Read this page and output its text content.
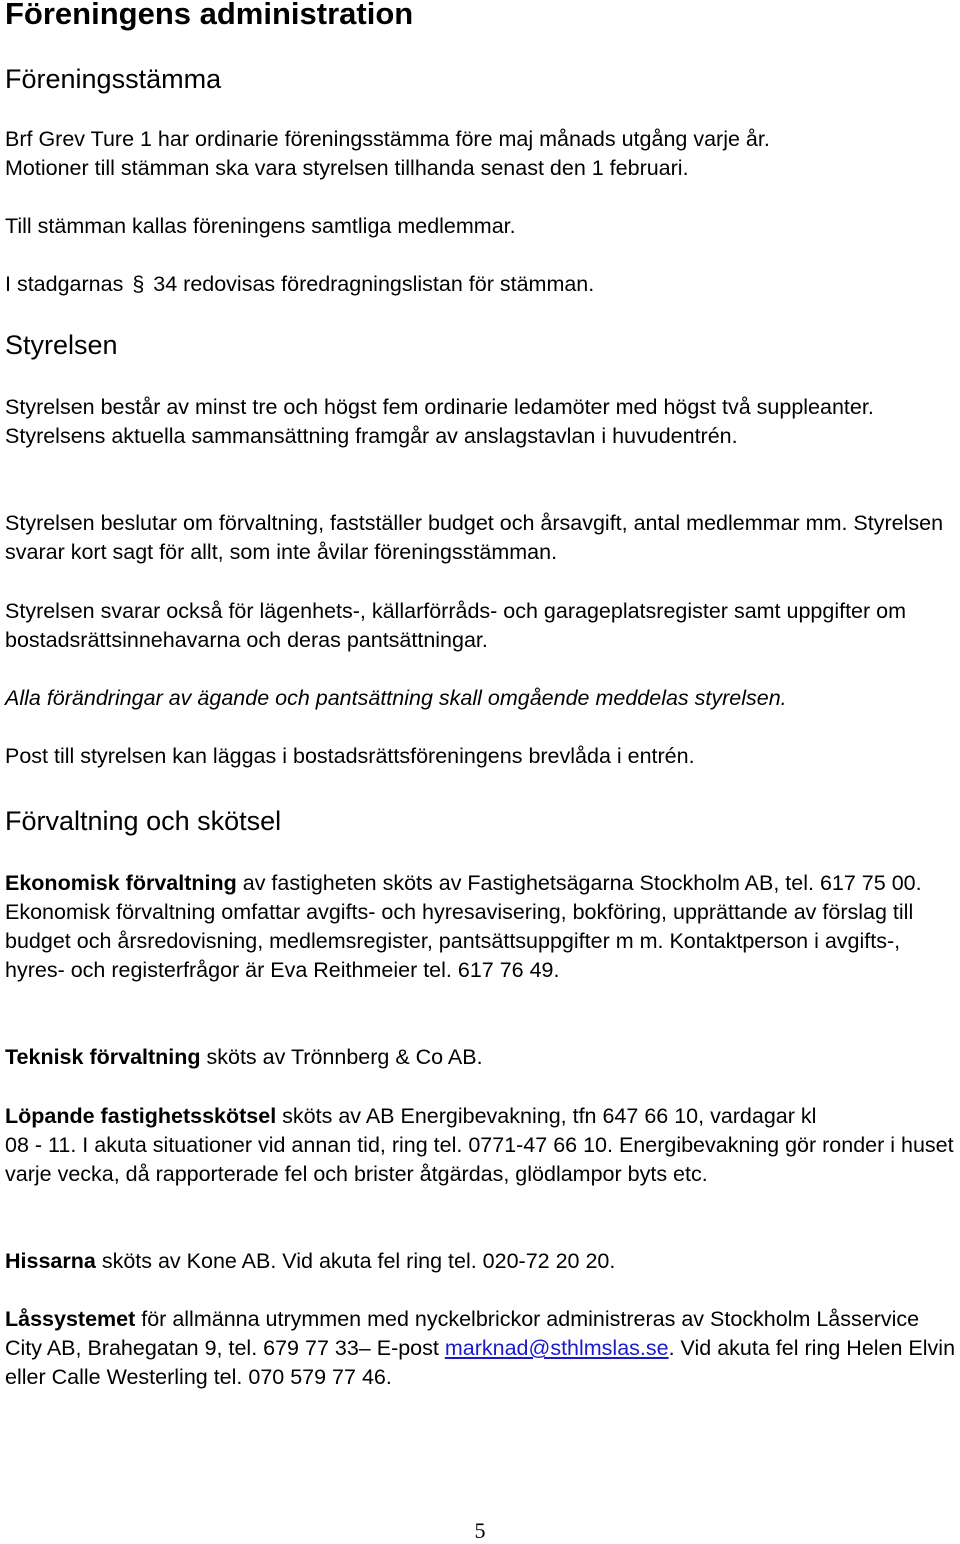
Föreningens administration
Föreningsstämma
Brf Grev Ture 1 har ordinarie föreningsstämma före maj månads utgång varje år.
Motioner till stämman ska vara styrelsen tillhanda senast den 1 februari.
Till stämman kallas föreningens samtliga medlemmar.
I stadgarnas § 34 redovisas föredragningslistan för stämman.
Styrelsen
Styrelsen består av minst tre och högst fem ordinarie ledamöter med högst två suppleanter. Styrelsens aktuella sammansättning framgår av anslagstavlan i huvudentrén.
Styrelsen beslutar om förvaltning, fastställer budget och årsavgift, antal medlemmar mm. Styrelsen svarar kort sagt för allt, som inte åvilar föreningsstämman.
Styrelsen svarar också för lägenhets-, källarförråds- och garageplatsregister samt uppgifter om bostadsrättsinnehavarna och deras pantsättningar.
Alla förändringar av ägande och pantsättning skall omgående meddelas styrelsen.
Post till styrelsen kan läggas i bostadsrättsföreningens brevlåda i entrén.
Förvaltning och skötsel
Ekonomisk förvaltning av fastigheten sköts av Fastighetsägarna Stockholm AB, tel. 617 75 00. Ekonomisk förvaltning omfattar avgifts- och hyresavisering, bokföring, upprättande av förslag till budget och årsredovisning, medlemsregister, pantsättsuppgifter m m. Kontaktperson i avgifts-, hyres- och registerfrågor är Eva Reithmeier tel. 617 76 49.
Teknisk förvaltning sköts av Trönnberg & Co AB.
Löpande fastighetsskötsel sköts av AB Energibevakning, tfn 647 66 10, vardagar kl
08 - 11. I akuta situationer vid annan tid, ring tel. 0771-47 66 10. Energibevakning gör ronder i huset varje vecka, då rapporterade fel och brister åtgärdas, glödlampor byts etc.
Hissarna sköts av Kone AB. Vid akuta fel ring tel. 020-72 20 20.
Låssystemet för allmänna utrymmen med nyckelbrickor administreras av Stockholm Låsservice City AB, Brahegatan 9, tel. 679 77 33– E-post marknad@sthlmslas.se. Vid akuta fel ring Helen Elvin eller Calle Westerling tel. 070 579 77 46.
5
